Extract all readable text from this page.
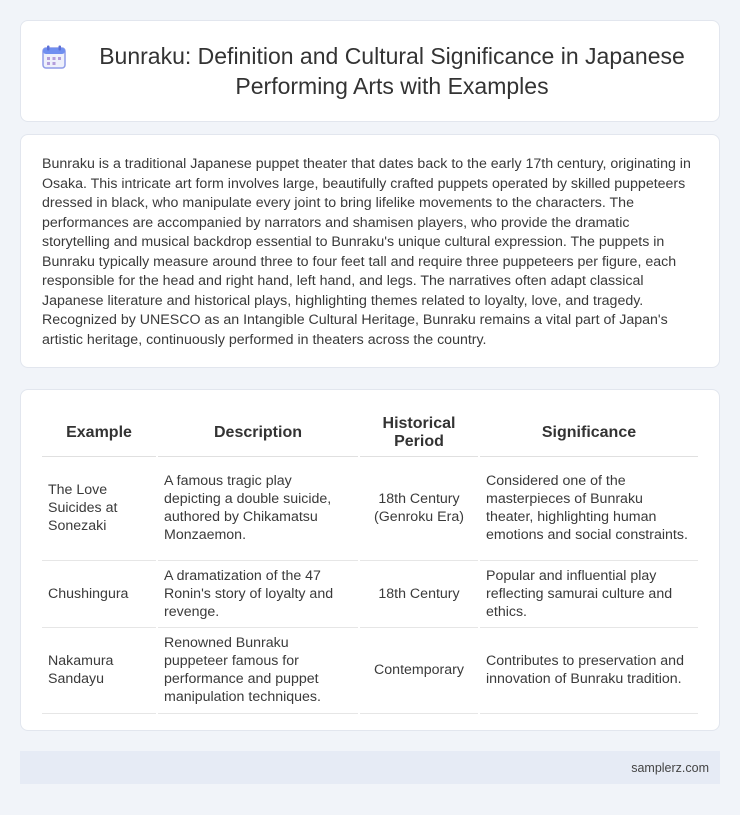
Bunraku: Definition and Cultural Significance in Japanese Performing Arts with Examples

Bunraku is a traditional Japanese puppet theater that dates back to the early 17th century, originating in Osaka. This intricate art form involves large, beautifully crafted puppets operated by skilled puppeteers dressed in black, who manipulate every joint to bring lifelike movements to the characters. The performances are accompanied by narrators and shamisen players, who provide the dramatic storytelling and musical backdrop essential to Bunraku's unique cultural expression. The puppets in Bunraku typically measure around three to four feet tall and require three puppeteers per figure, each responsible for the head and right hand, left hand, and legs. The narratives often adapt classical Japanese literature and historical plays, highlighting themes related to loyalty, love, and tragedy. Recognized by UNESCO as an Intangible Cultural Heritage, Bunraku remains a vital part of Japan's artistic heritage, continuously performed in theaters across the country.

Example	Description	Historical Period	Significance
The Love Suicides at Sonezaki	A famous tragic play depicting a double suicide, authored by Chikamatsu Monzaemon.	18th Century (Genroku Era)	Considered one of the masterpieces of Bunraku theater, highlighting human emotions and social constraints.
Chushingura	A dramatization of the 47 Ronin's story of loyalty and revenge.	18th Century	Popular and influential play reflecting samurai culture and ethics.
Nakamura Sandayu	Renowned Bunraku puppeteer famous for performance and puppet manipulation techniques.	Contemporary	Contributes to preservation and innovation of Bunraku tradition.
samplerz.com
